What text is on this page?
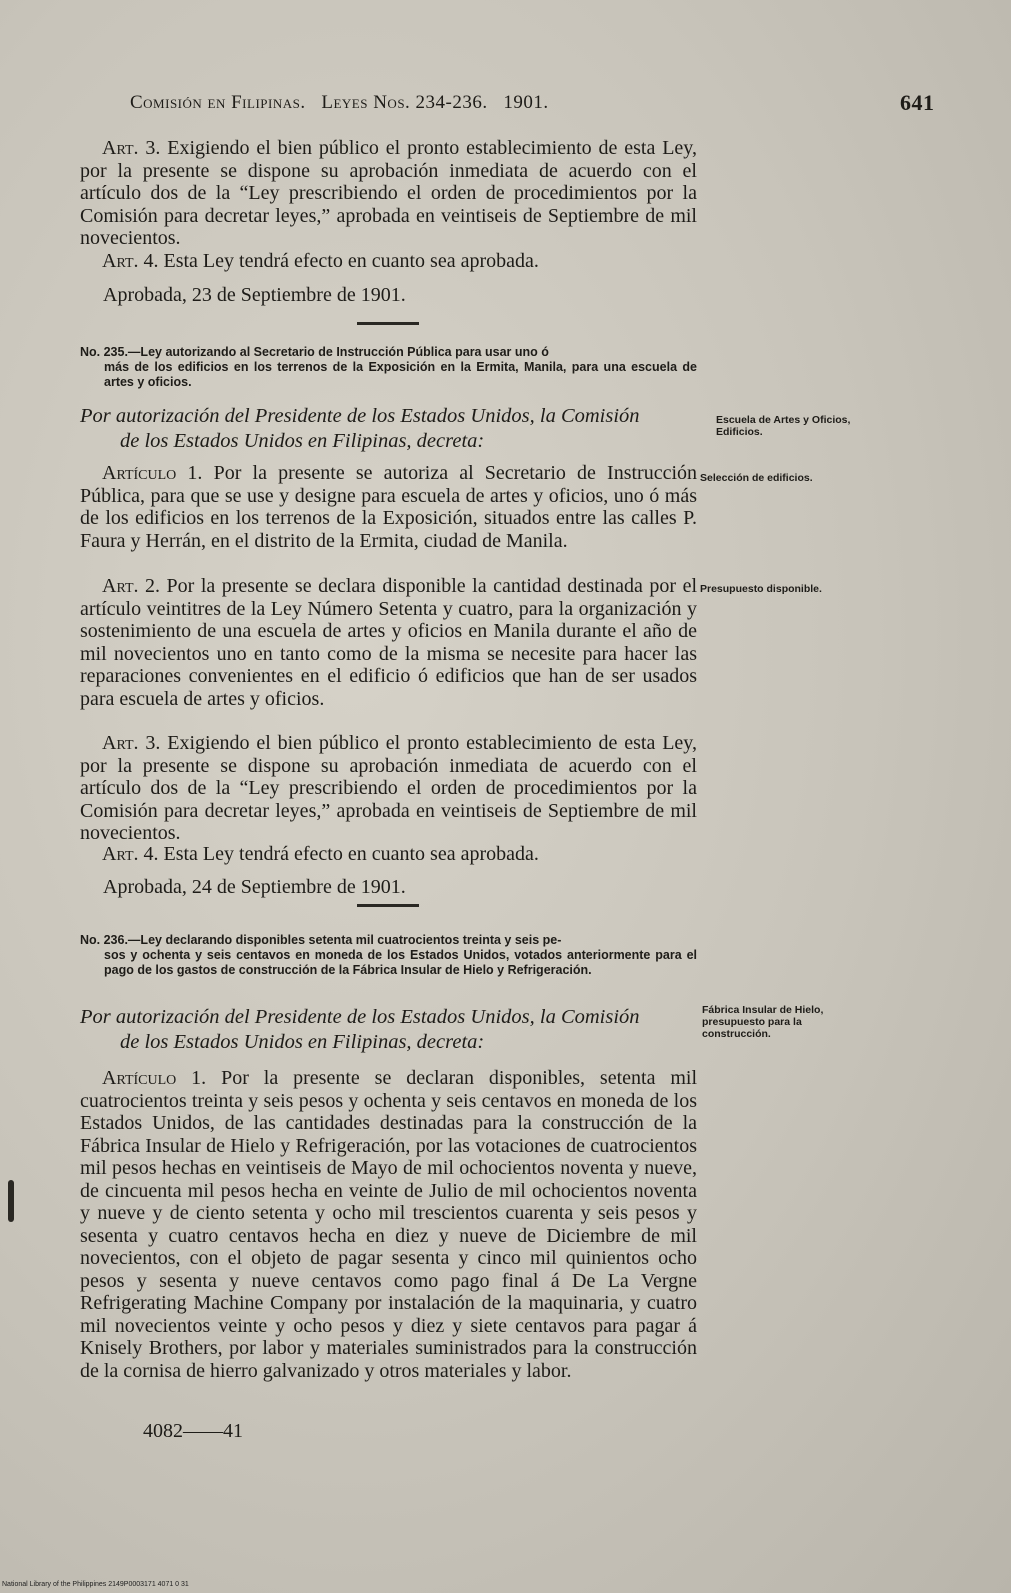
Comisión en Filipinas. Leyes Nos. 234-236. 1901.	641
Art. 3. Exigiendo el bien público el pronto establecimiento de esta Ley, por la presente se dispone su aprobación inmediata de acuerdo con el artículo dos de la “Ley prescribiendo el orden de procedimientos por la Comisión para decretar leyes,” aprobada en veintiseis de Septiembre de mil novecientos.
Art. 4. Esta Ley tendrá efecto en cuanto sea aprobada.
Aprobada, 23 de Septiembre de 1901.
No. 235.—Ley autorizando al Secretario de Instrucción Pública para usar uno ó
más de los edificios en los terrenos de la Exposición en la Ermita, Manila, para una escuela de artes y oficios.
Por autorización del Presidente de los Estados Unidos, la Comisión
de los Estados Unidos en Filipinas, decreta:
Escuela de Artes y Oficios, Edificios.
Artículo 1. Por la presente se autoriza al Secretario de Instrucción Pública, para que se use y designe para escuela de artes y oficios, uno ó más de los edificios en los terrenos de la Exposición, situados entre las calles P. Faura y Herrán, en el distrito de la Ermita, ciudad de Manila.
Selección de edificios.
Art. 2. Por la presente se declara disponible la cantidad destinada por el artículo veintitres de la Ley Número Setenta y cuatro, para la organización y sostenimiento de una escuela de artes y oficios en Manila durante el año de mil novecientos uno en tanto como de la misma se necesite para hacer las reparaciones convenientes en el edificio ó edificios que han de ser usados para escuela de artes y oficios.
Presupuesto disponible.
Art. 3. Exigiendo el bien público el pronto establecimiento de esta Ley, por la presente se dispone su aprobación inmediata de acuerdo con el artículo dos de la “Ley prescribiendo el orden de procedimientos por la Comisión para decretar leyes,” aprobada en veintiseis de Septiembre de mil novecientos.
Art. 4. Esta Ley tendrá efecto en cuanto sea aprobada.
Aprobada, 24 de Septiembre de 1901.
No. 236.—Ley declarando disponibles setenta mil cuatrocientos treinta y seis pe-
sos y ochenta y seis centavos en moneda de los Estados Unidos, votados anteriormente para el pago de los gastos de construcción de la Fábrica Insular de Hielo y Refrigeración.
Por autorización del Presidente de los Estados Unidos, la Comisión
de los Estados Unidos en Filipinas, decreta:
Fábrica Insular de Hielo, presupuesto para la construcción.
Artículo 1. Por la presente se declaran disponibles, setenta mil cuatrocientos treinta y seis pesos y ochenta y seis centavos en moneda de los Estados Unidos, de las cantidades destinadas para la construcción de la Fábrica Insular de Hielo y Refrigeración, por las votaciones de cuatrocientos mil pesos hechas en veintiseis de Mayo de mil ochocientos noventa y nueve, de cincuenta mil pesos hecha en veinte de Julio de mil ochocientos noventa y nueve y de ciento setenta y ocho mil trescientos cuarenta y seis pesos y sesenta y cuatro centavos hecha en diez y nueve de Diciembre de mil novecientos, con el objeto de pagar sesenta y cinco mil quinientos ocho pesos y sesenta y nueve centavos como pago final á De La Vergne Refrigerating Machine Company por instalación de la maquinaria, y cuatro mil novecientos veinte y ocho pesos y diez y siete centavos para pagar á Knisely Brothers, por labor y materiales suministrados para la construcción de la cornisa de hierro galvanizado y otros materiales y labor.
4082——41
National Library of the Philippines 2149P0003171 4071 0 31
